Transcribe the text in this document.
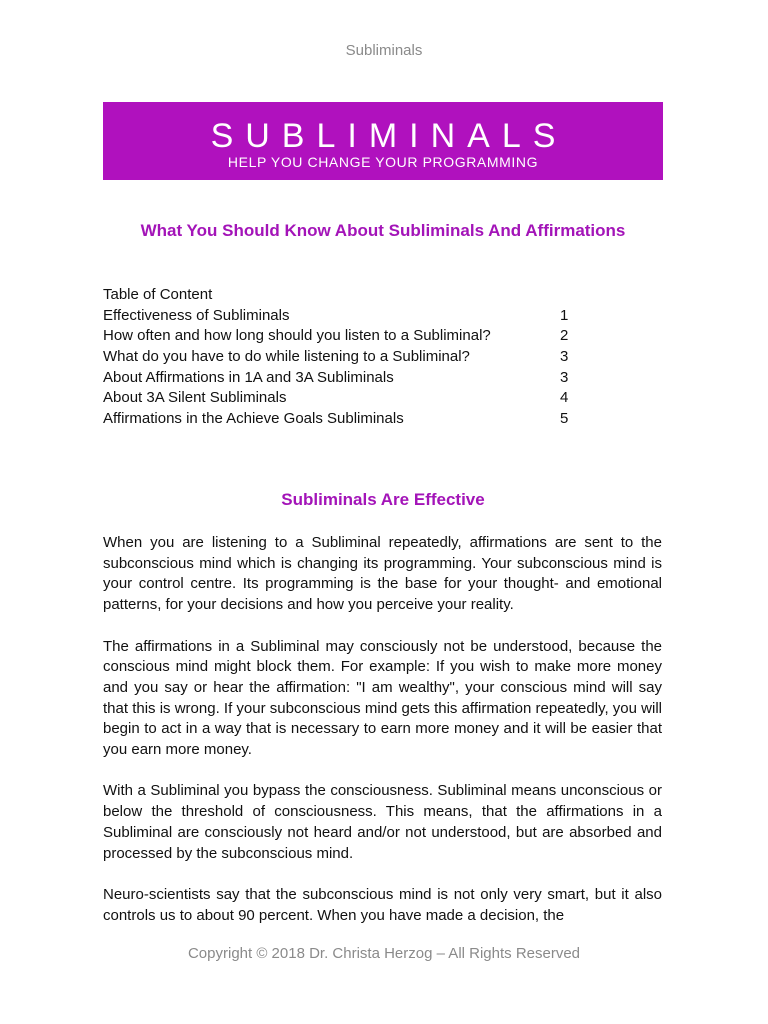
Subliminals
SUBLIMINALS
HELP YOU CHANGE YOUR PROGRAMMING
What You Should Know About Subliminals And Affirmations
Table of Content
Effectiveness of Subliminals	1
How often and how long should you listen to a Subliminal?	2
What do you have to do while listening to a Subliminal?	3
About Affirmations in 1A and 3A Subliminals	3
About 3A Silent Subliminals	4
Affirmations in the Achieve Goals Subliminals	5
Subliminals Are Effective

When you are listening to a Subliminal repeatedly, affirmations are sent to the subconscious mind which is changing its programming. Your subconscious mind is your control centre. Its programming is the base for your thought- and emotional patterns, for your decisions and how you perceive your reality.

The affirmations in a Subliminal may consciously not be understood, because the conscious mind might block them. For example: If you wish to make more money and you say or hear the affirmation: "I am wealthy", your conscious mind will say that this is wrong. If your subconscious mind gets this affirmation repeatedly, you will begin to act in a way that is necessary to earn more money and it will be easier that you earn more money.

With a Subliminal you bypass the consciousness. Subliminal means unconscious or below the threshold of consciousness. This means, that the affirmations in a Subliminal are consciously not heard and/or not understood, but are absorbed and processed by the subconscious mind.

Neuro-scientists say that the subconscious mind is not only very smart, but it also controls us to about 90 percent. When you have made a decision, the

Copyright © 2018 Dr. Christa Herzog – All Rights Reserved
